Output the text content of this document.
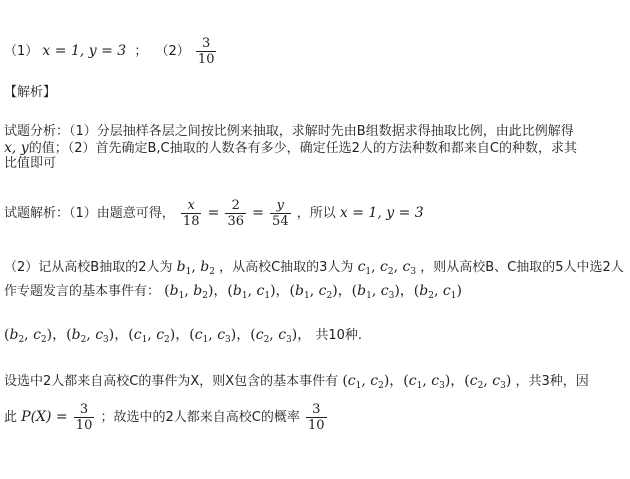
（1） x = 1, y = 3 ； $(2) \frac{3}{10}$
【解析】
试题分析：（1）分层抽样各层之间按比例来抽取，求解时先由B组数据求得抽取比例，由此比例解得
x, y的值；（2）首先确定B,C抽取的人数各有多少，确定任选2人的方法种数和都来自C的种数，求其
比值即可
试题解析：（1）由题意可得， $\frac{x}{18} = \frac{2}{36} = \frac{y}{54}$ ，所以 x = 1, y = 3
（2）记从高校B抽取的2人为 $b_1$, $b_2$ ，从高校C抽取的3人为 $c_1$, $c_2$, $c_3$ ，则从高校B、C抽取的5人中选2人
作专题发言的基本事件有： ($b_1$, $b_2$)，($b_1$, $c_1$)，($b_1$, $c_2$)，($b_1$, $c_3$)，($b_2$, $c_1$)
($b_2$, $c_2$)，($b_2$, $c_3$)，($c_1$, $c_2$)，($c_1$, $c_3$)，($c_2$, $c_3$)， 共10种.
设选中2人都来自高校C的事件为X，则X包含的基本事件有 ($c_1$, $c_2$)，($c_1$, $c_3$)，($c_2$, $c_3$) ，共3种，因
此 $P(X) = \frac{3}{10}$ ；故选中的2人都来自高校C的概率 $\frac{3}{10}$
